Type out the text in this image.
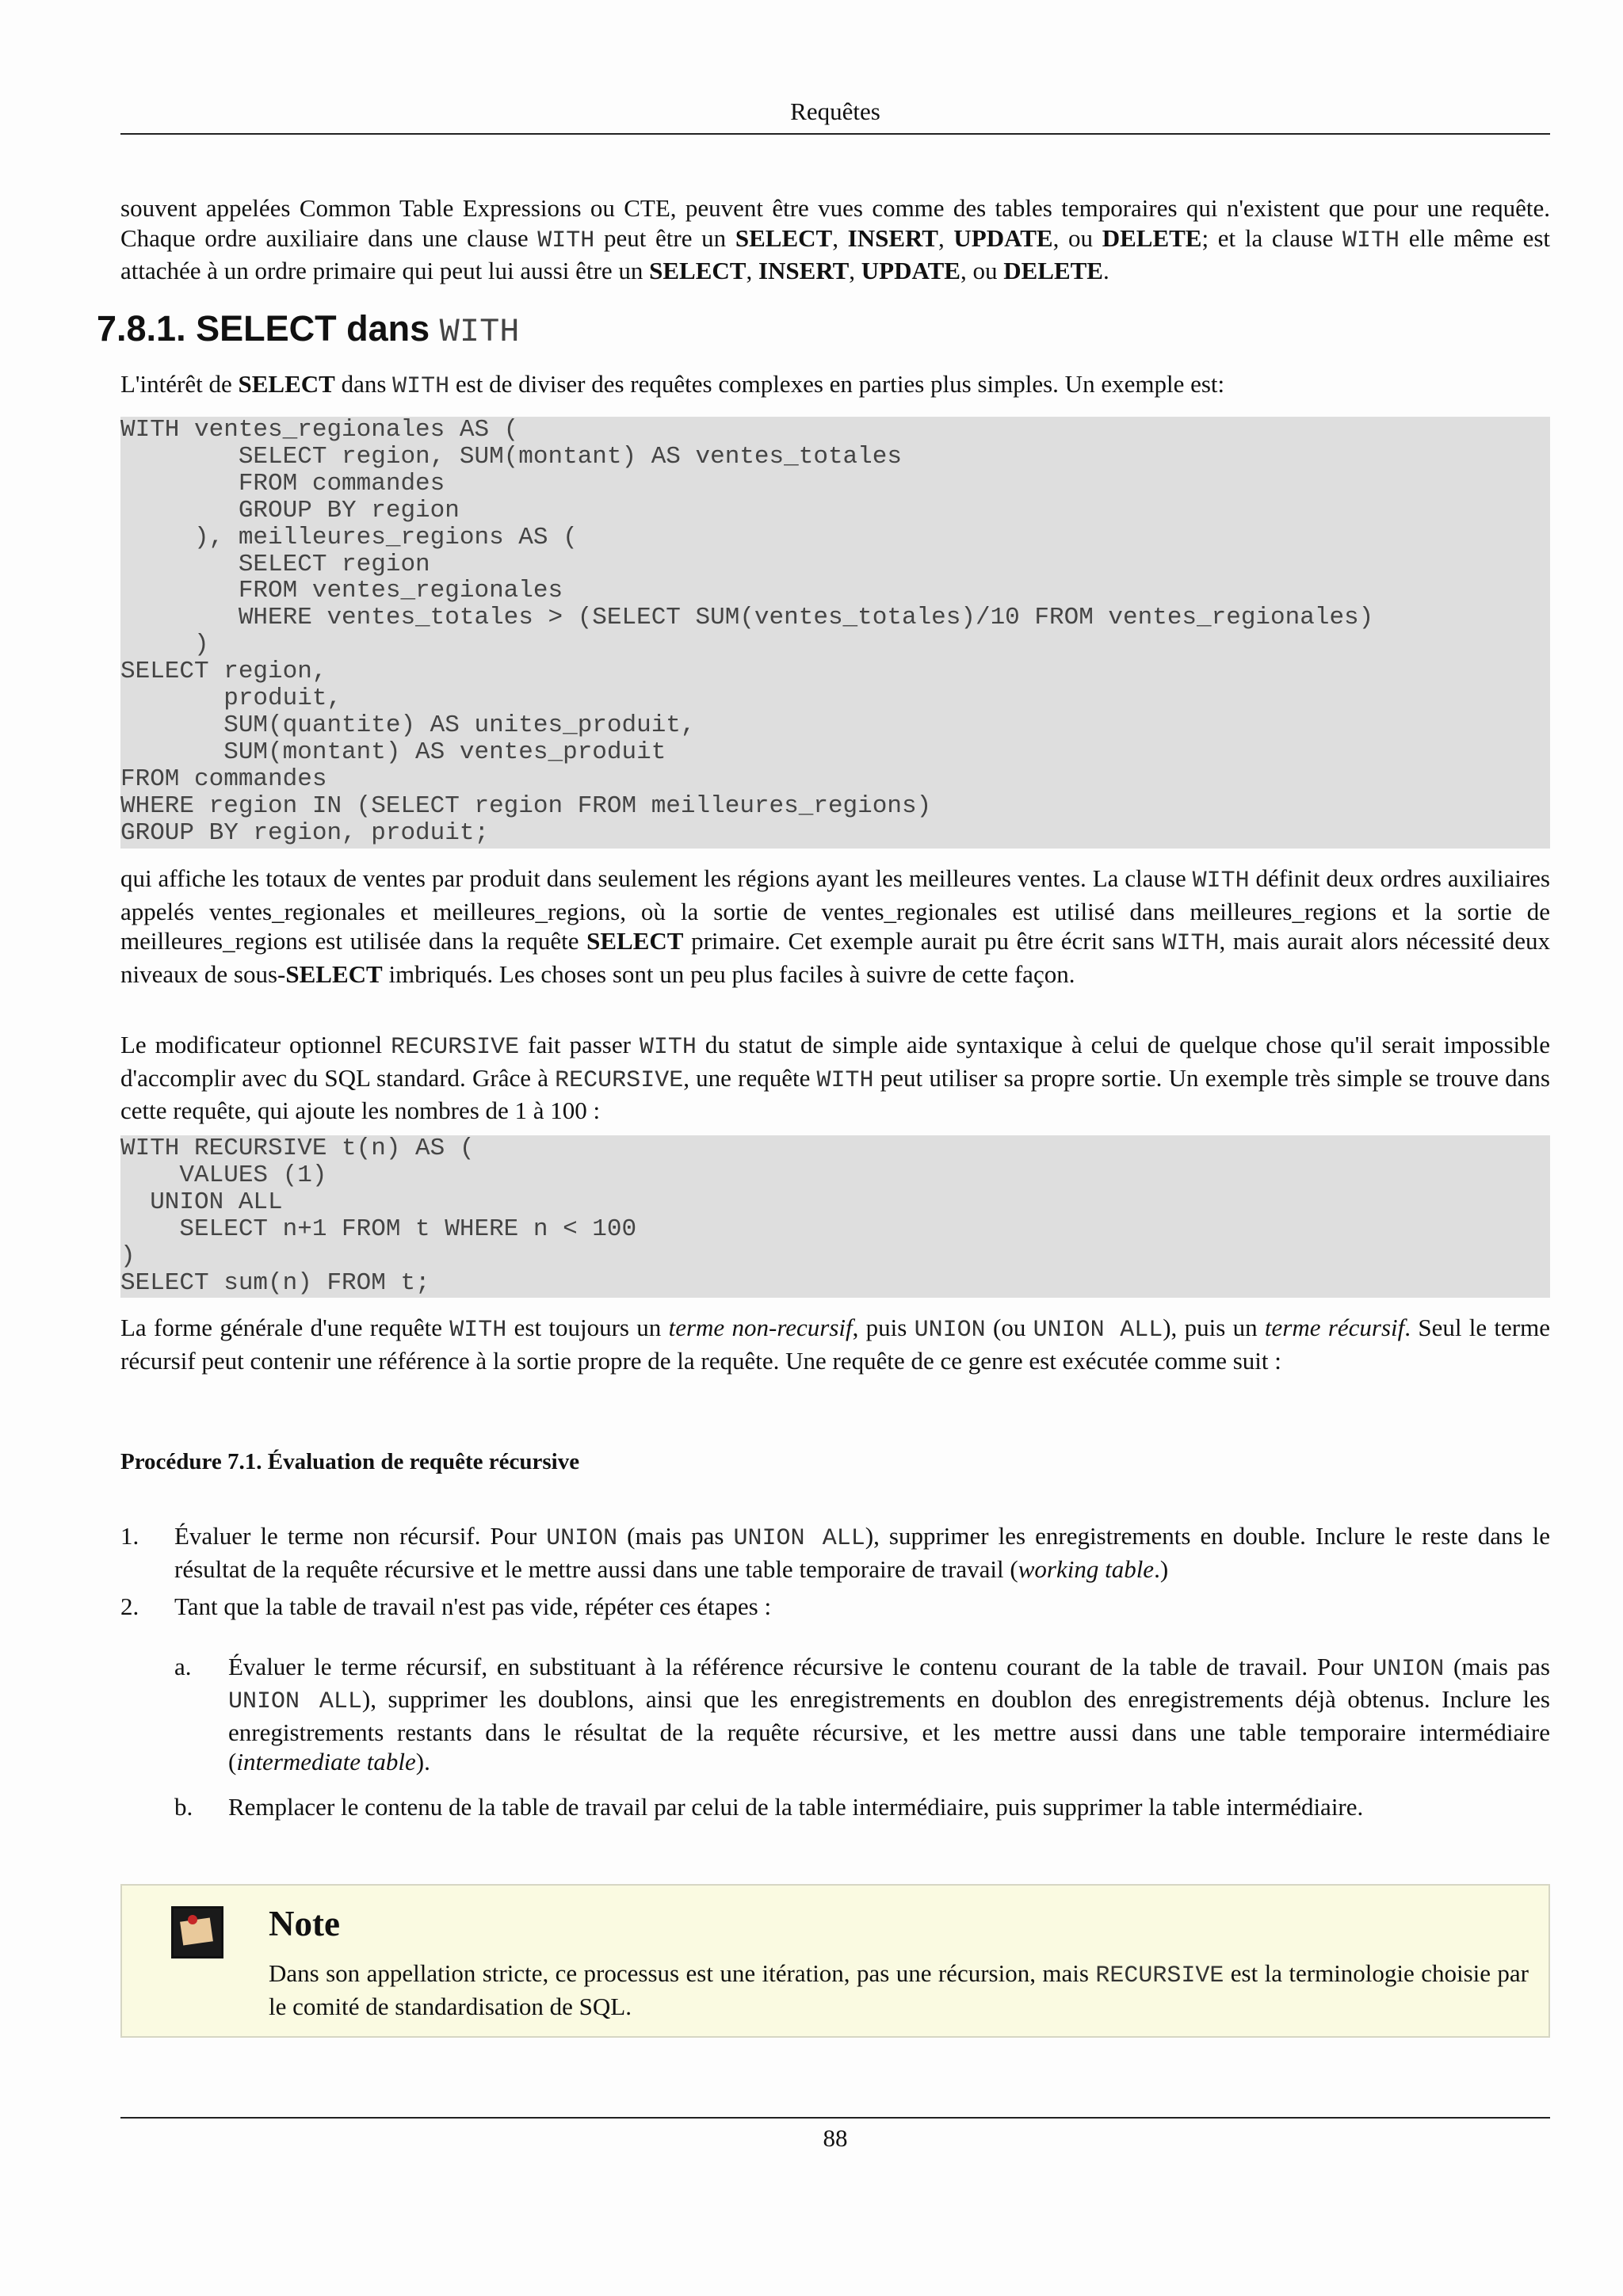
Requêtes

souvent appelées Common Table Expressions ou CTE, peuvent être vues comme des tables temporaires qui n'existent que pour une requête. Chaque ordre auxiliaire dans une clause WITH peut être un SELECT, INSERT, UPDATE, ou DELETE; et la clause WITH elle même est attachée à un ordre primaire qui peut lui aussi être un SELECT, INSERT, UPDATE, ou DELETE.

7.8.1. SELECT dans WITH

L'intérêt de SELECT dans WITH est de diviser des requêtes complexes en parties plus simples. Un exemple est:

WITH ventes_regionales AS (
SELECT region, SUM(montant) AS ventes_totales
FROM commandes
GROUP BY region
), meilleures_regions AS (
SELECT region
FROM ventes_regionales
WHERE ventes_totales > (SELECT SUM(ventes_totales)/10 FROM ventes_regionales)
)
SELECT region,
produit,
SUM(quantite) AS unites_produit,
SUM(montant) AS ventes_produit
FROM commandes
WHERE region IN (SELECT region FROM meilleures_regions)
GROUP BY region, produit;

qui affiche les totaux de ventes par produit dans seulement les régions ayant les meilleures ventes. La clause WITH définit deux ordres auxiliaires appelés ventes_regionales et meilleures_regions, où la sortie de ventes_regionales est utilisé dans meilleures_regions et la sortie de meilleures_regions est utilisée dans la requête SELECT primaire. Cet exemple aurait pu être écrit sans WITH, mais aurait alors nécessité deux niveaux de sous-SELECT imbriqués. Les choses sont un peu plus faciles à suivre de cette façon.

Le modificateur optionnel RECURSIVE fait passer WITH du statut de simple aide syntaxique à celui de quelque chose qu'il serait impossible d'accomplir avec du SQL standard. Grâce à RECURSIVE, une requête WITH peut utiliser sa propre sortie. Un exemple très simple se trouve dans cette requête, qui ajoute les nombres de 1 à 100 :

WITH RECURSIVE t(n) AS (
VALUES (1)
UNION ALL
SELECT n+1 FROM t WHERE n < 100
)
SELECT sum(n) FROM t;

La forme générale d'une requête WITH est toujours un terme non-recursif, puis UNION (ou UNION ALL), puis un terme récursif. Seul le terme récursif peut contenir une référence à la sortie propre de la requête. Une requête de ce genre est exécutée comme suit :

Procédure 7.1. Évaluation de requête récursive

1. Évaluer le terme non récursif. Pour UNION (mais pas UNION ALL), supprimer les enregistrements en double. Inclure le reste dans le résultat de la requête récursive et le mettre aussi dans une table temporaire de travail (working table.)
2. Tant que la table de travail n'est pas vide, répéter ces étapes :
a. Évaluer le terme récursif, en substituant à la référence récursive le contenu courant de la table de travail. Pour UNION (mais pas UNION ALL), supprimer les doublons, ainsi que les enregistrements en doublon des enregistrements déjà obtenus. Inclure les enregistrements restants dans le résultat de la requête récursive, et les mettre aussi dans une table temporaire intermédiaire (intermediate table).
b. Remplacer le contenu de la table de travail par celui de la table intermédiaire, puis supprimer la table intermédiaire.

Note

Dans son appellation stricte, ce processus est une itération, pas une récursion, mais RECURSIVE est la terminologie choisie par le comité de standardisation de SQL.

88
